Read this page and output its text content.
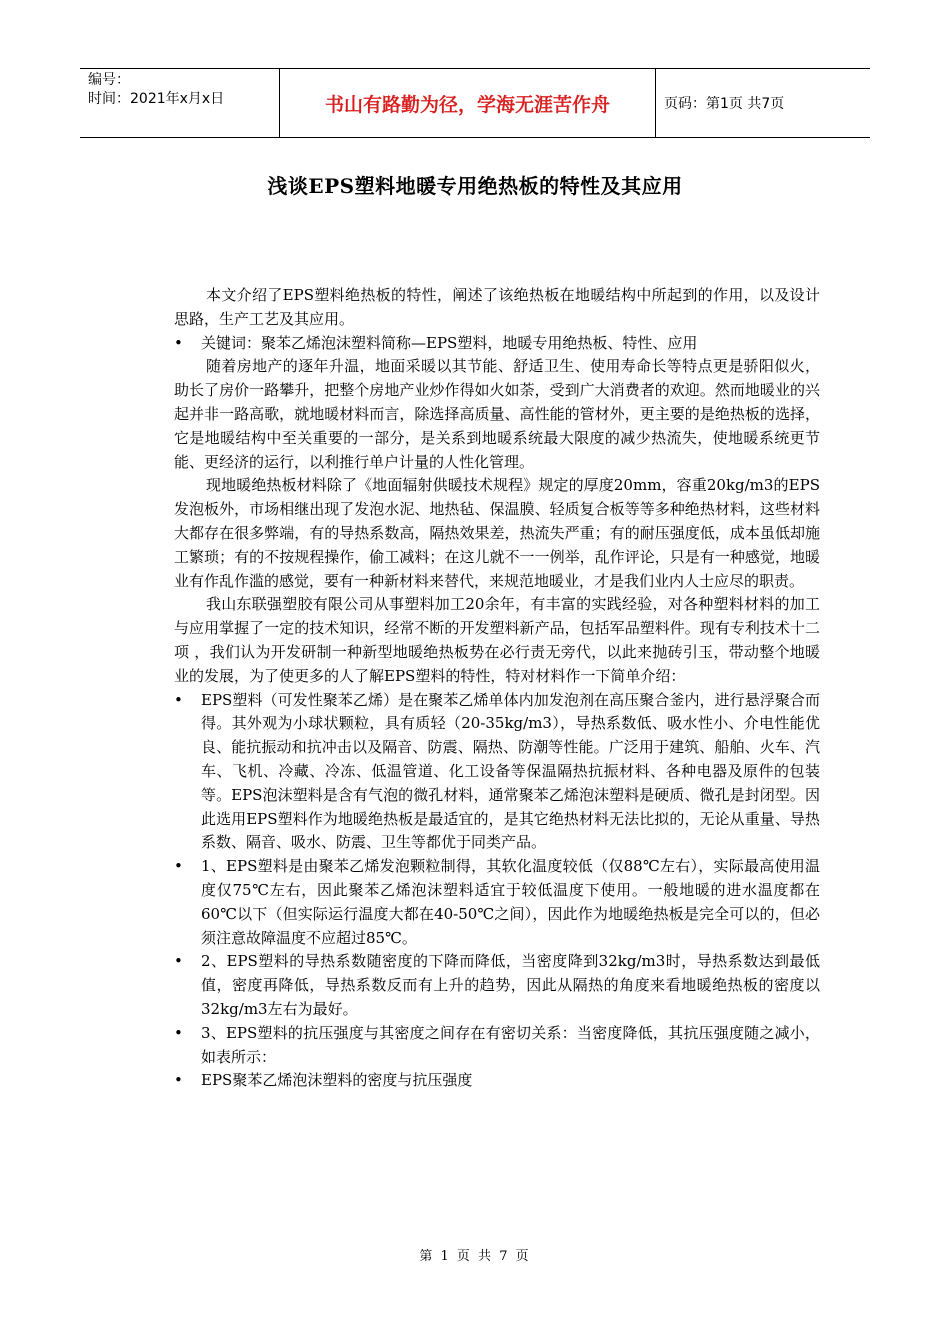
编号：
时间：2021年x月x日	书山有路勤为径，学海无涯苦作舟	页码：第1页 共7页
浅谈EPS塑料地暖专用绝热板的特性及其应用

本文介绍了EPS塑料绝热板的特性，阐述了该绝热板在地暖结构中所起到的作用，以及设计思路，生产工艺及其应用。

• 关键词：聚苯乙烯泡沫塑料简称—EPS塑料，地暖专用绝热板、特性、应用

随着房地产的逐年升温，地面采暖以其节能、舒适卫生、使用寿命长等特点更是骄阳似火，助长了房价一路攀升，把整个房地产业炒作得如火如荼，受到广大消费者的欢迎。然而地暖业的兴起并非一路高歌，就地暖材料而言，除选择高质量、高性能的管材外，更主要的是绝热板的选择，它是地暖结构中至关重要的一部分，是关系到地暖系统最大限度的减少热流失，使地暖系统更节能、更经济的运行，以利推行单户计量的人性化管理。

现地暖绝热板材料除了《地面辐射供暖技术规程》规定的厚度20mm，容重20kg/m3的EPS发泡板外，市场相继出现了发泡水泥、地热毡、保温膜、轻质复合板等等多种绝热材料，这些材料大都存在很多弊端，有的导热系数高，隔热效果差，热流失严重；有的耐压强度低，成本虽低却施工繁琐；有的不按规程操作，偷工减料；在这儿就不一一例举，乱作评论，只是有一种感觉，地暖业有作乱作滥的感觉，要有一种新材料来替代，来规范地暖业，才是我们业内人士应尽的职责。

我山东联强塑胶有限公司从事塑料加工20余年，有丰富的实践经验，对各种塑料材料的加工与应用掌握了一定的技术知识，经常不断的开发塑料新产品，包括军品塑料件。现有专利技术十二项 ，我们认为开发研制一种新型地暖绝热板势在必行责无旁代，以此来抛砖引玉，带动整个地暖业的发展，为了使更多的人了解EPS塑料的特性，特对材料作一下简单介绍：

• EPS塑料（可发性聚苯乙烯）是在聚苯乙烯单体内加发泡剂在高压聚合釜内，进行悬浮聚合而得。其外观为小球状颗粒，具有质轻（20-35kg/m3），导热系数低、吸水性小、介电性能优良、能抗振动和抗冲击以及隔音、防震、隔热、防潮等性能。广泛用于建筑、船舶、火车、汽车、飞机、冷藏、冷冻、低温管道、化工设备等保温隔热抗振材料、各种电器及原件的包装等。EPS泡沫塑料是含有气泡的微孔材料，通常聚苯乙烯泡沫塑料是硬质、微孔是封闭型。因此选用EPS塑料作为地暖绝热板是最适宜的，是其它绝热材料无法比拟的，无论从重量、导热系数、隔音、吸水、防震、卫生等都优于同类产品。
• 1、EPS塑料是由聚苯乙烯发泡颗粒制得，其软化温度较低（仅88℃左右），实际最高使用温度仅75℃左右，因此聚苯乙烯泡沫塑料适宜于较低温度下使用。一般地暖的进水温度都在60℃以下（但实际运行温度大都在40-50℃之间），因此作为地暖绝热板是完全可以的，但必须注意故障温度不应超过85℃。
• 2、EPS塑料的导热系数随密度的下降而降低，当密度降到32kg/m3时，导热系数达到最低值，密度再降低，导热系数反而有上升的趋势，因此从隔热的角度来看地暖绝热板的密度以32kg/m3左右为最好。
• 3、EPS塑料的抗压强度与其密度之间存在有密切关系：当密度降低，其抗压强度随之减小，如表所示：
• EPS聚苯乙烯泡沫塑料的密度与抗压强度
第 1 页 共 7 页
